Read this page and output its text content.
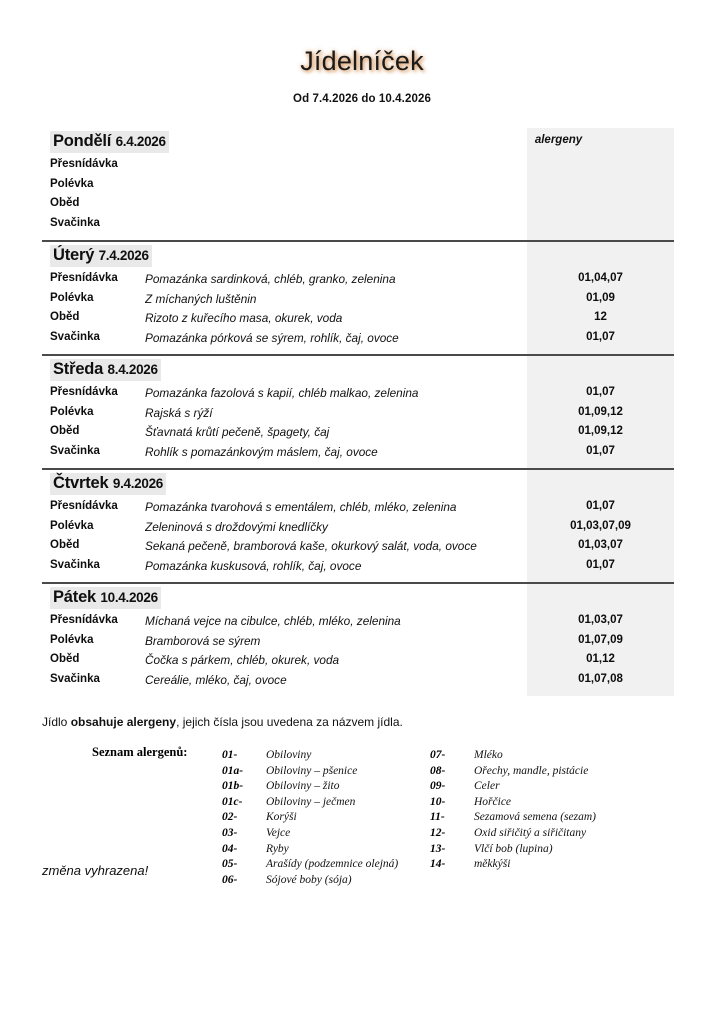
Jídelníček

Od 7.4.2026 do 10.4.2026

Pondělí 6.4.2026	alergeny
Přesnídávka
Polévka
Oběd
Svačinka
Úterý 7.4.2026
Přesnídávka Pomazánka sardinková, chléb, granko, zelenina	01,04,07
Polévka	Z míchaných luštěnin	01,09
Oběd	Rizoto z kuřecího masa, okurek, voda	12
Svačinka	Pomazánka pórková se sýrem, rohlík, čaj, ovoce	01,07
Středa 8.4.2026
Přesnídávka Pomazánka fazolová s kapií, chléb malkao, zelenina	01,07
Polévka	Rajská s rýží	01,09,12
Oběd	Šťavnatá krůtí pečeně, špagety, čaj	01,09,12
Svačinka	Rohlík s pomazánkovým máslem, čaj, ovoce	01,07
Čtvrtek 9.4.2026
Přesnídávka Pomazánka tvarohová s ementálem, chléb, mléko, zelenina	01,07
Polévka	Zeleninová s droždovými knedlíčky	01,03,07,09
Oběd	Sekaná pečeně, bramborová kaše, okurkový salát, voda, ovoce	01,03,07
Svačinka	Pomazánka kuskusová, rohlík, čaj, ovoce	01,07
Pátek 10.4.2026
Přesnídávka Míchaná vejce na cibulce, chléb, mléko, zelenina	01,03,07
Polévka	Bramborová se sýrem	01,07,09
Oběd	Čočka s párkem, chléb, okurek, voda	01,12
Svačinka	Cereálie, mléko, čaj, ovoce	01,07,08

Jídlo obsahuje alergeny, jejich čísla jsou uvedena za názvem jídla.

Seznam alergenů:	01- Obiloviny
01a- Obiloviny – pšenice
01b- Obiloviny – žito
01c- Obiloviny – ječmen
02- Korýši
03- Vejce
04- Ryby
05- Arašídy (podzemnice olejná)
06- Sójové boby (sója)
07- Mléko
08- Ořechy, mandle, pistácie
09- Celer
10- Hořčice
11-	Sezamová semena (sezam)
12- Oxid siřičitý a siřičitany
13- Vlčí bob (lupina)
14- měkkýši
změna vyhrazena!
